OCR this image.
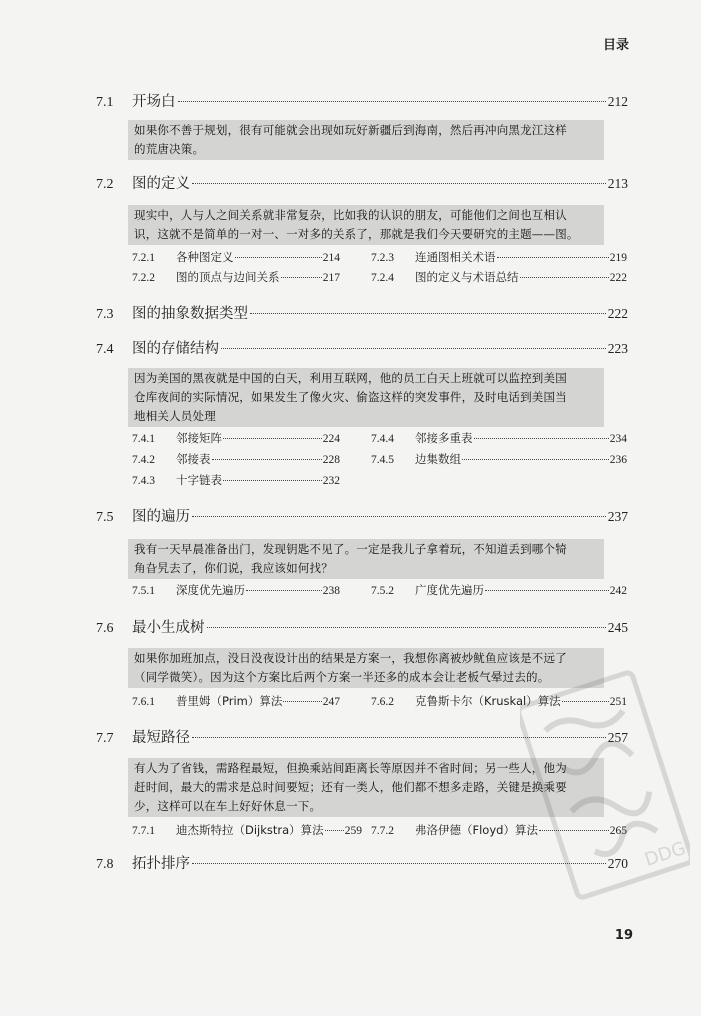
目录
7.1	开场白	212
如果你不善于规划，很有可能就会出现如玩好新疆后到海南，然后再冲向黑龙江这样
的荒唐决策。
7.2	图的定义	213
现实中，人与人之间关系就非常复杂，比如我的认识的朋友，可能他们之间也互相认
识，这就不是简单的一对一、一对多的关系了，那就是我们今天要研究的主题——图。
7.2.1	各种图定义	214	7.2.3	连通图相关术语	219
7.2.2	图的顶点与边间关系	217	7.2.4	图的定义与术语总结	222
7.3	图的抽象数据类型	222
7.4	图的存储结构	223
因为美国的黑夜就是中国的白天，利用互联网，他的员工白天上班就可以监控到美国
仓库夜间的实际情况，如果发生了像火灾、偷盗这样的突发事件，及时电话到美国当
地相关人员处理
7.4.1	邻接矩阵	224	7.4.4	邻接多重表	234
7.4.2	邻接表	228	7.4.5	边集数组	236
7.4.3	十字链表	232
7.5	图的遍历	237
我有一天早晨准备出门，发现钥匙不见了。一定是我儿子拿着玩，不知道丢到哪个犄
角旮旯去了，你们说，我应该如何找？
7.5.1	深度优先遍历	238	7.5.2	广度优先遍历	242
7.6	最小生成树	245
如果你加班加点，没日没夜设计出的结果是方案一，我想你离被炒鱿鱼应该是不远了
（同学微笑）。因为这个方案比后两个方案一半还多的成本会让老板气晕过去的。
7.6.1	普里姆（Prim）算法	247	7.6.2	克鲁斯卡尔（Kruskal）算法	251
7.7	最短路径	257
有人为了省钱，需路程最短，但换乘站间距离长等原因并不省时间；另一些人，他为
赶时间，最大的需求是总时间要短；还有一类人，他们都不想多走路，关键是换乘要
少，这样可以在车上好好休息一下。
7.7.1	迪杰斯特拉（Dijkstra）算法 259 7.7.2	弗洛伊德（Floyd）算法	265
7.8	拓扑排序	270 DDG
19
